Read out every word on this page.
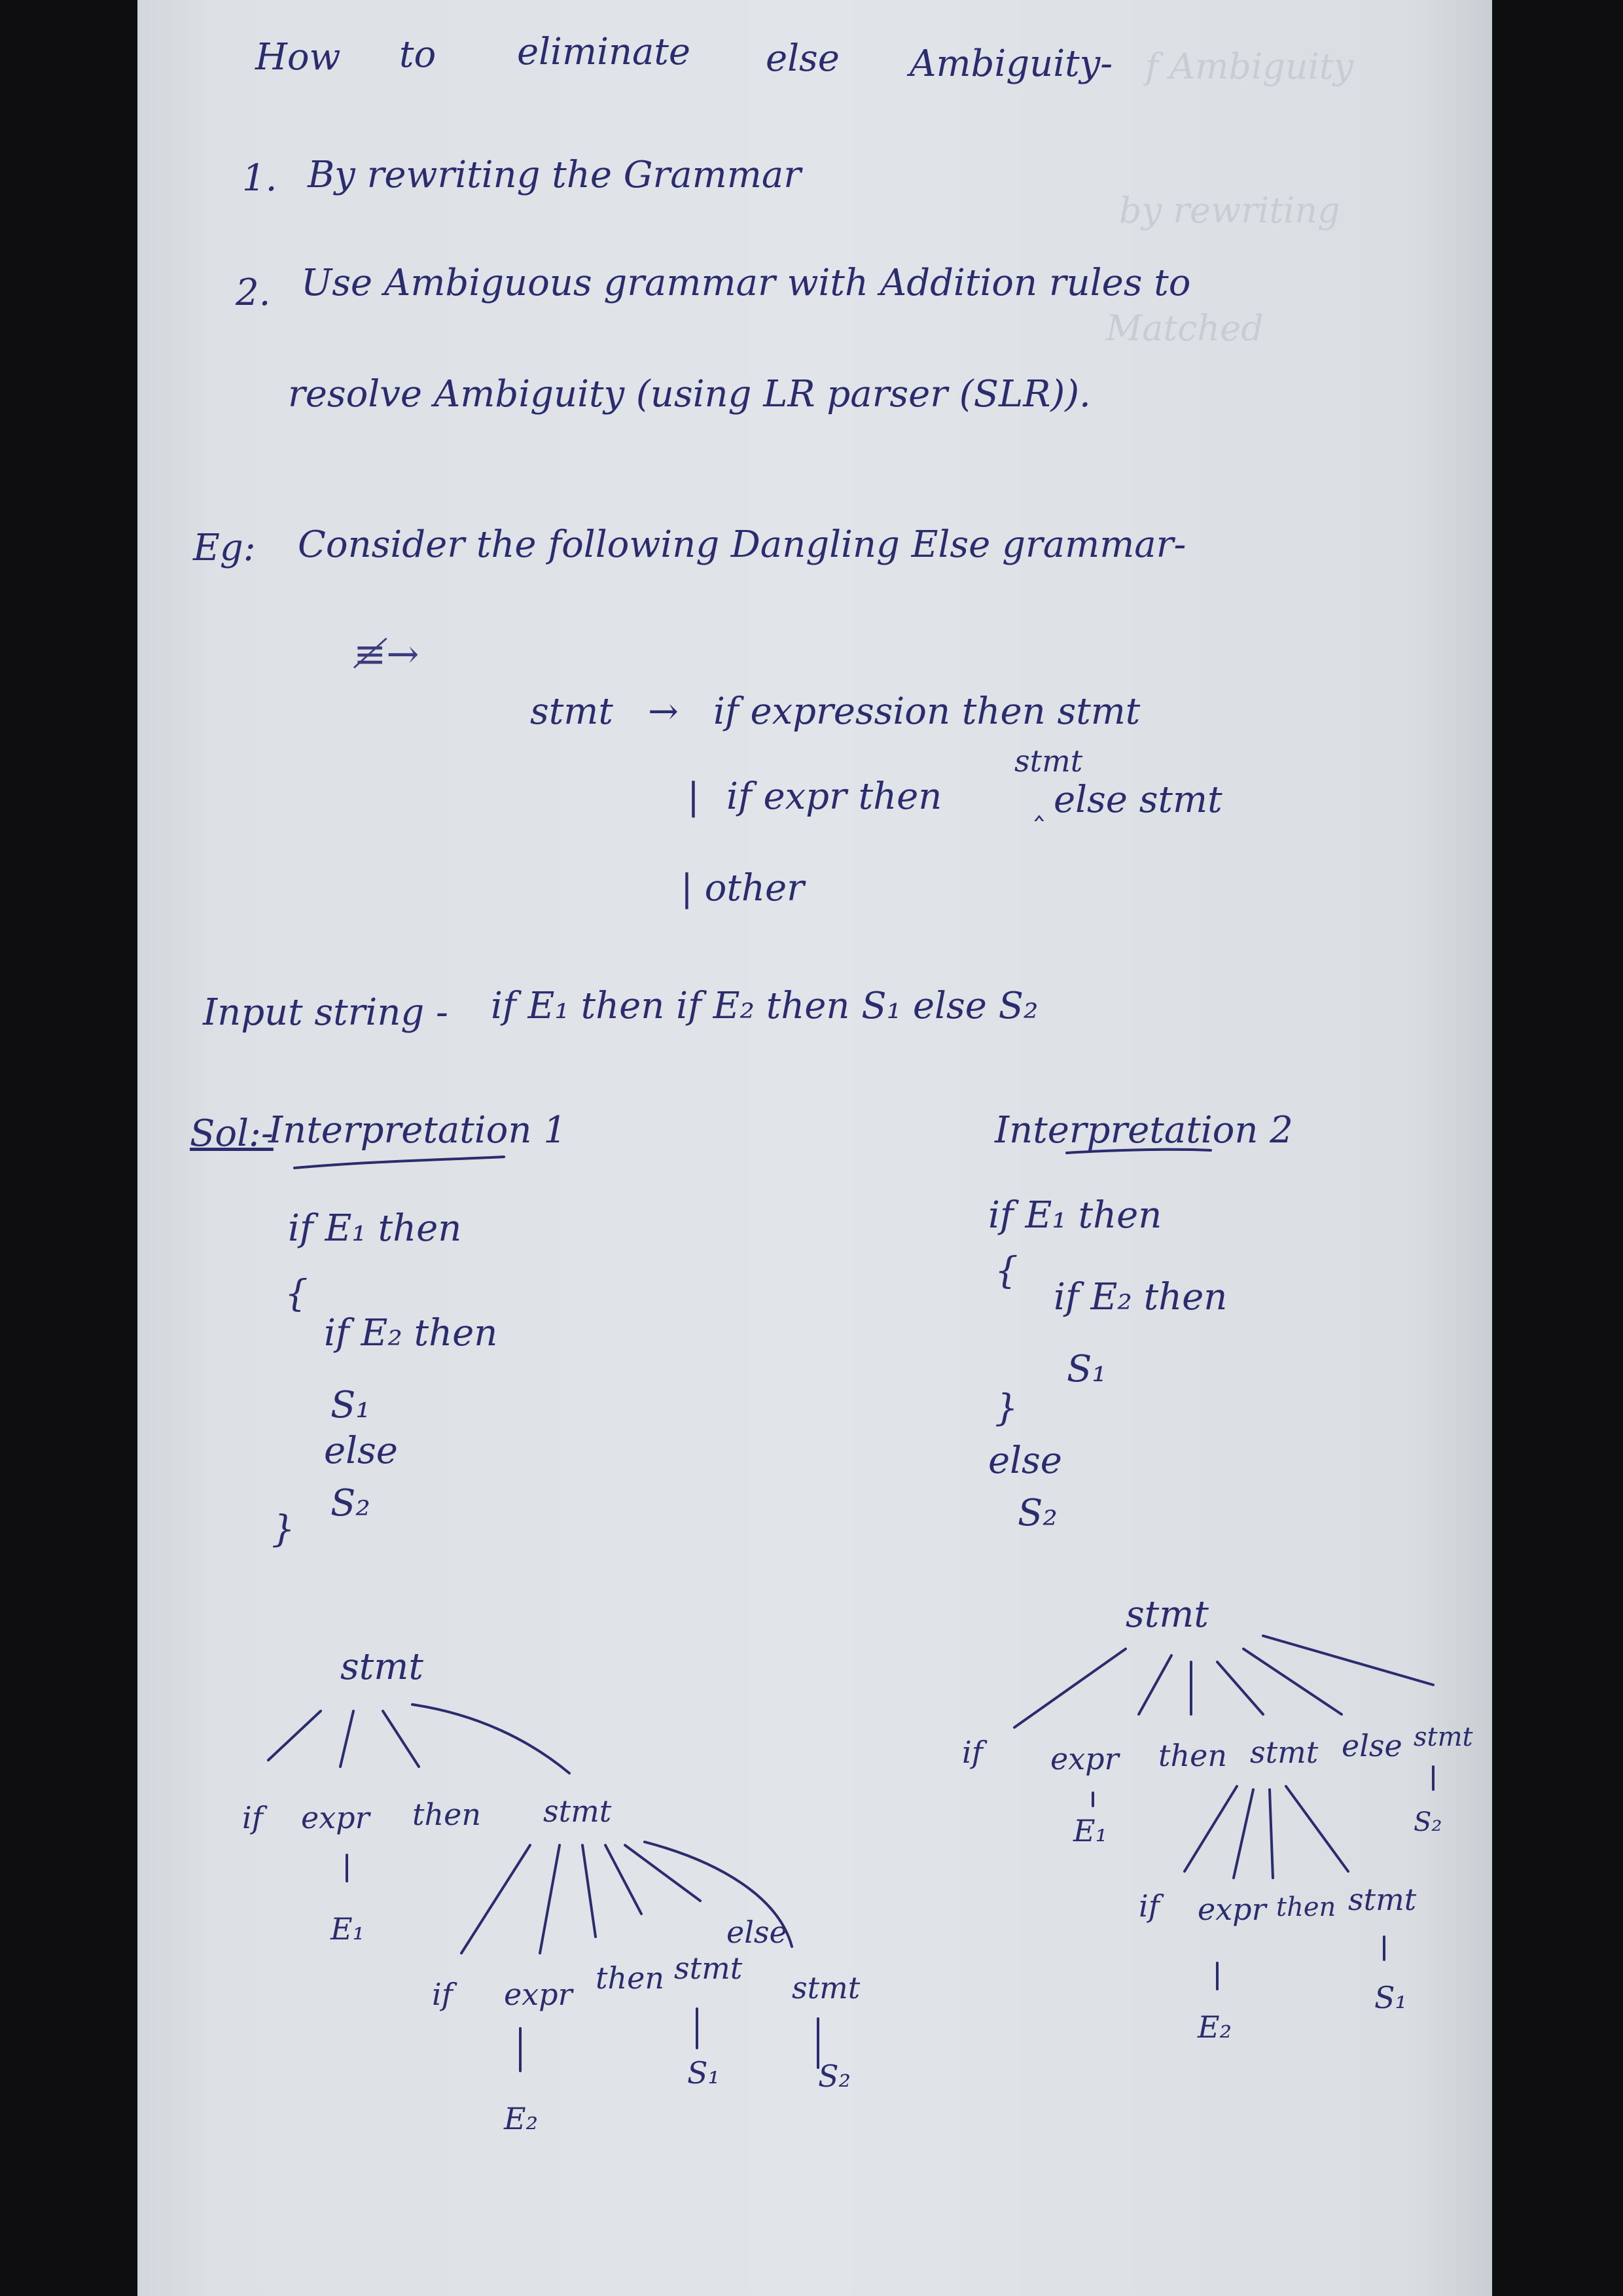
f Ambiguity
by rewriting
Matched
How to eliminate else Ambiguity-
1. By rewriting the Grammar
2. Use Ambiguous grammar with Addition rules to
resolve Ambiguity (using LR parser (SLR)).
Eg: Consider the following Dangling Else grammar-
≢→
stmt → if expression then stmt
| if expr then
stmt
‸ else stmt
| other
Input string - if E₁ then if E₂ then S₁ else S₂
Sol:-
Interpretation 1	Interpretation 2
if E₁ then
{
if E₂ then
S₁
else
S₂
}
if E₁ then
{
if E₂ then
S₁
}
else
S₂
stmt
if expr then stmt
E₁
if expr then stmt
else
stmt
E₂
S₁	S₂
stmt
if expr then stmt else stmt
E₁	S₂
if expr then stmt
E₂
S₁
